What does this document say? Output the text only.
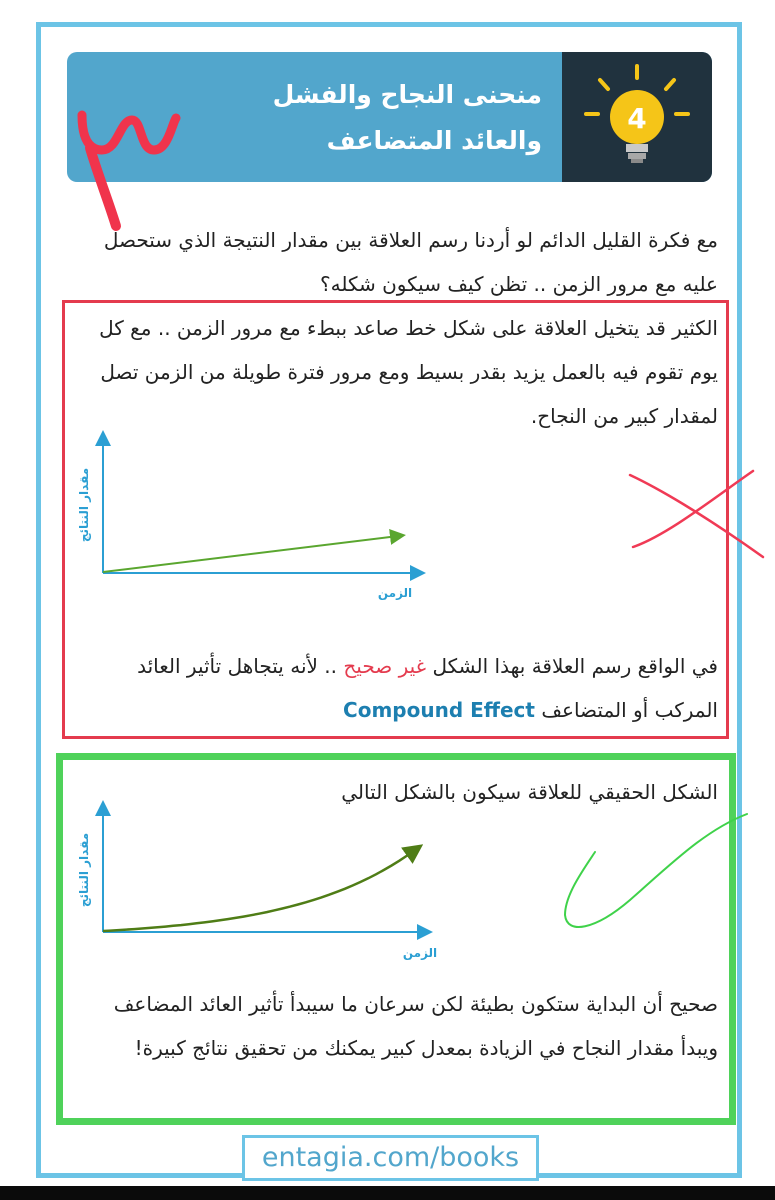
منحنى النجاح والفشل
والعائد المتضاعف
4

مع فكرة القليل الدائم لو أردنا رسم العلاقة بين مقدار النتيجة الذي ستحصل عليه مع مرور الزمن .. تظن كيف سيكون شكله؟

الكثير قد يتخيل العلاقة على شكل خط صاعد ببطء مع مرور الزمن .. مع كل يوم تقوم فيه بالعمل يزيد بقدر بسيط ومع مرور فترة طويلة من الزمن تصل لمقدار كبير من النجاح.

الزمن
مقدار النتائج

في الواقع رسم العلاقة بهذا الشكل غير صحيح .. لأنه يتجاهل تأثير العائد المركب أو المتضاعف Compound Effect

الشكل الحقيقي للعلاقة سيكون بالشكل التالي

الزمن
مقدار النتائج

صحيح أن البداية ستكون بطيئة لكن سرعان ما سيبدأ تأثير العائد المضاعف ويبدأ مقدار النجاح في الزيادة بمعدل كبير يمكنك من تحقيق نتائج كبيرة!

entagia.com/books
